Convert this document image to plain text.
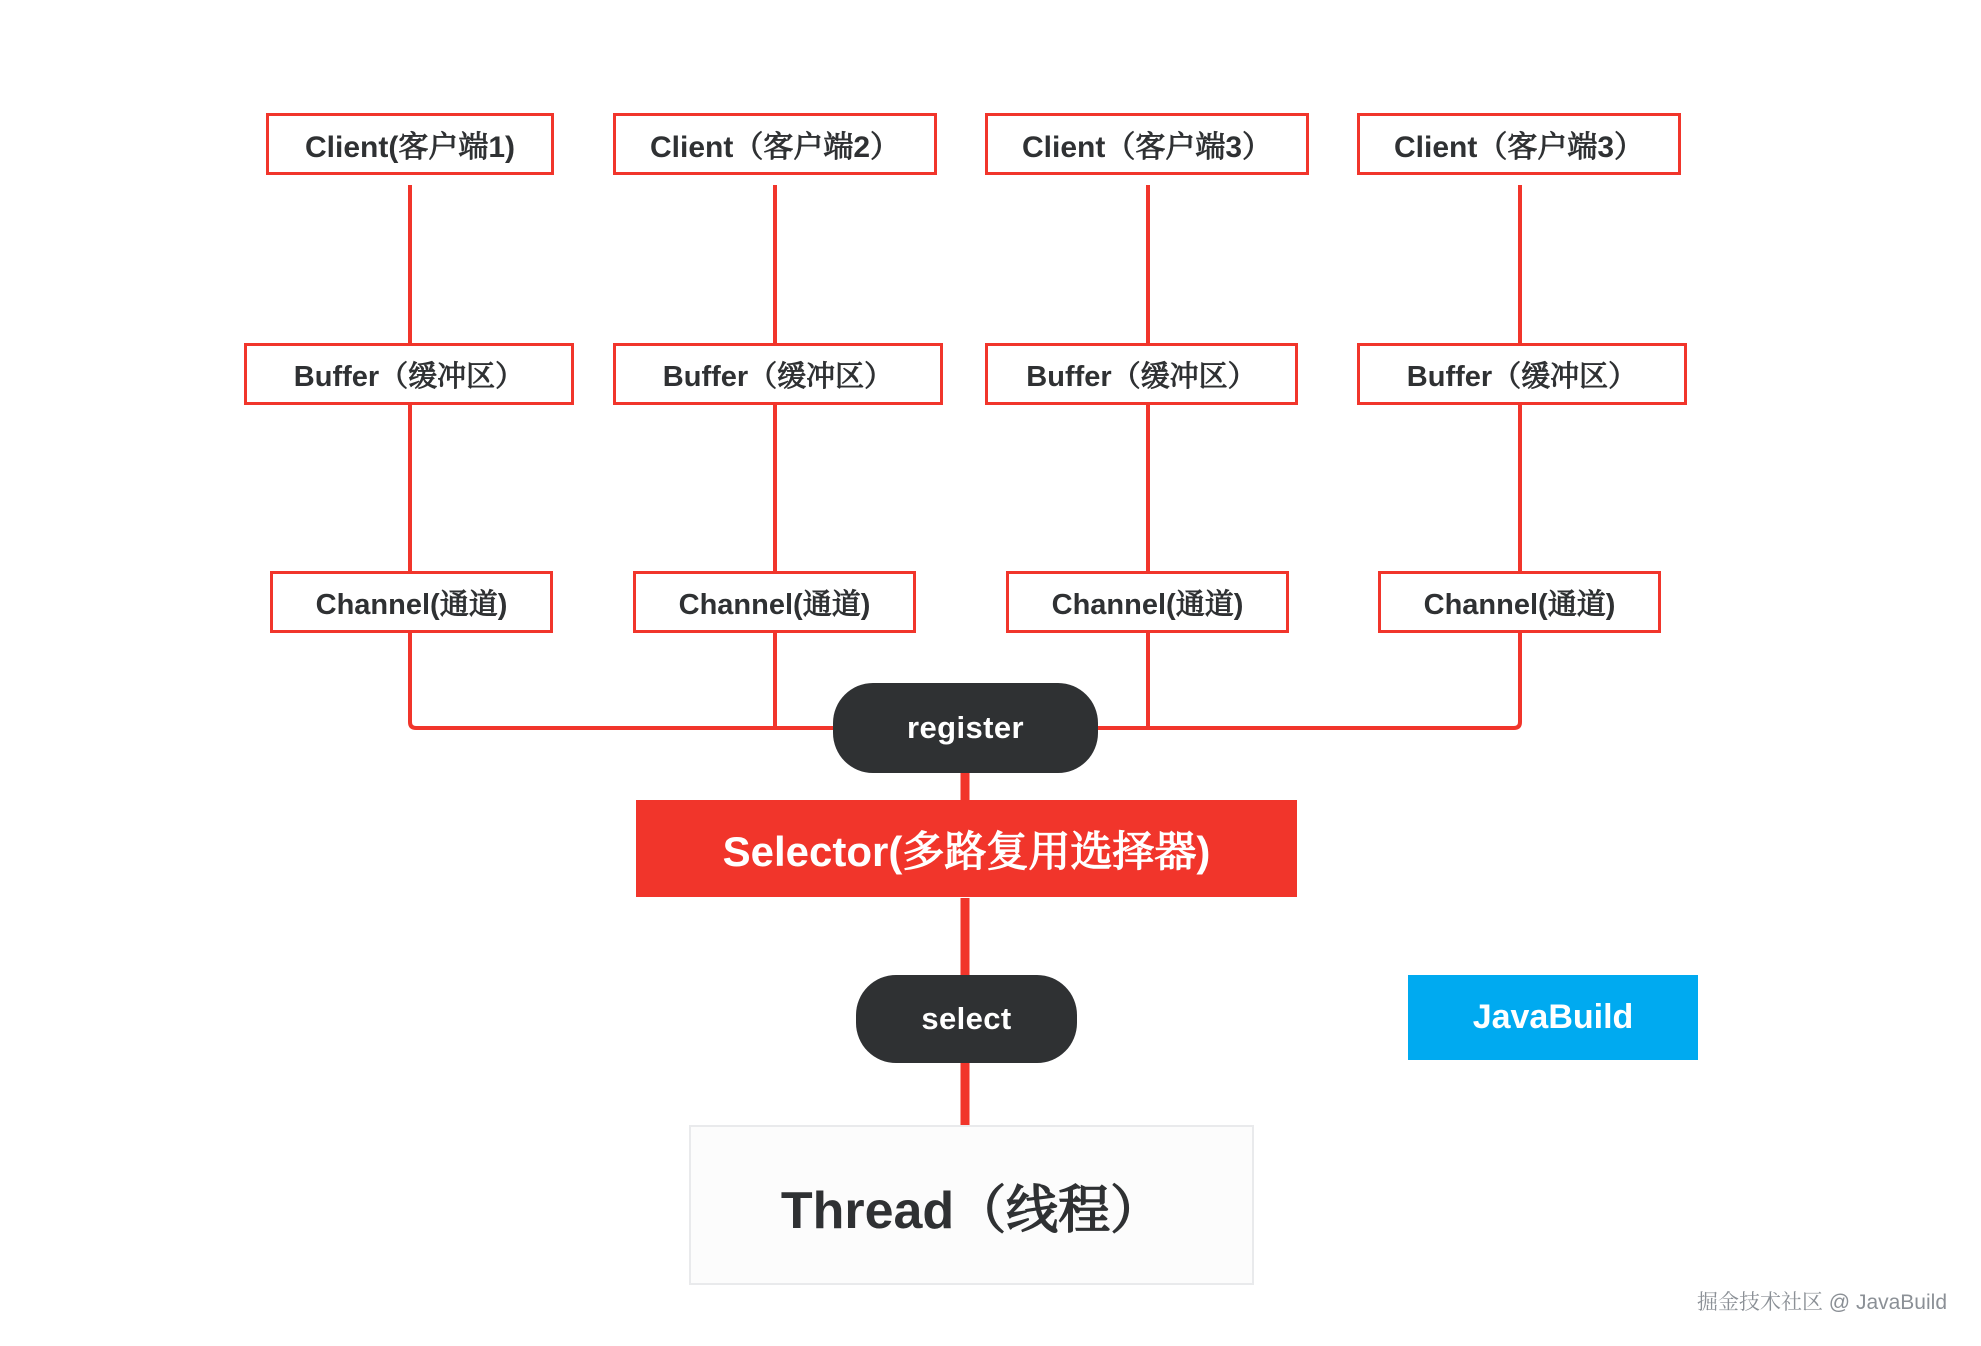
Client(客户端1)	Client（客户端2）	Client（客户端3）	Client（客户端3）
Buffer（缓冲区）	Buffer（缓冲区）	Buffer（缓冲区）	Buffer（缓冲区）
Channel(通道)	Channel(通道)	Channel(通道)	Channel(通道)
register
Selector(多路复用选择器)
select
Thread（线程）
JavaBuild
掘金技术社区 @ JavaBuild
